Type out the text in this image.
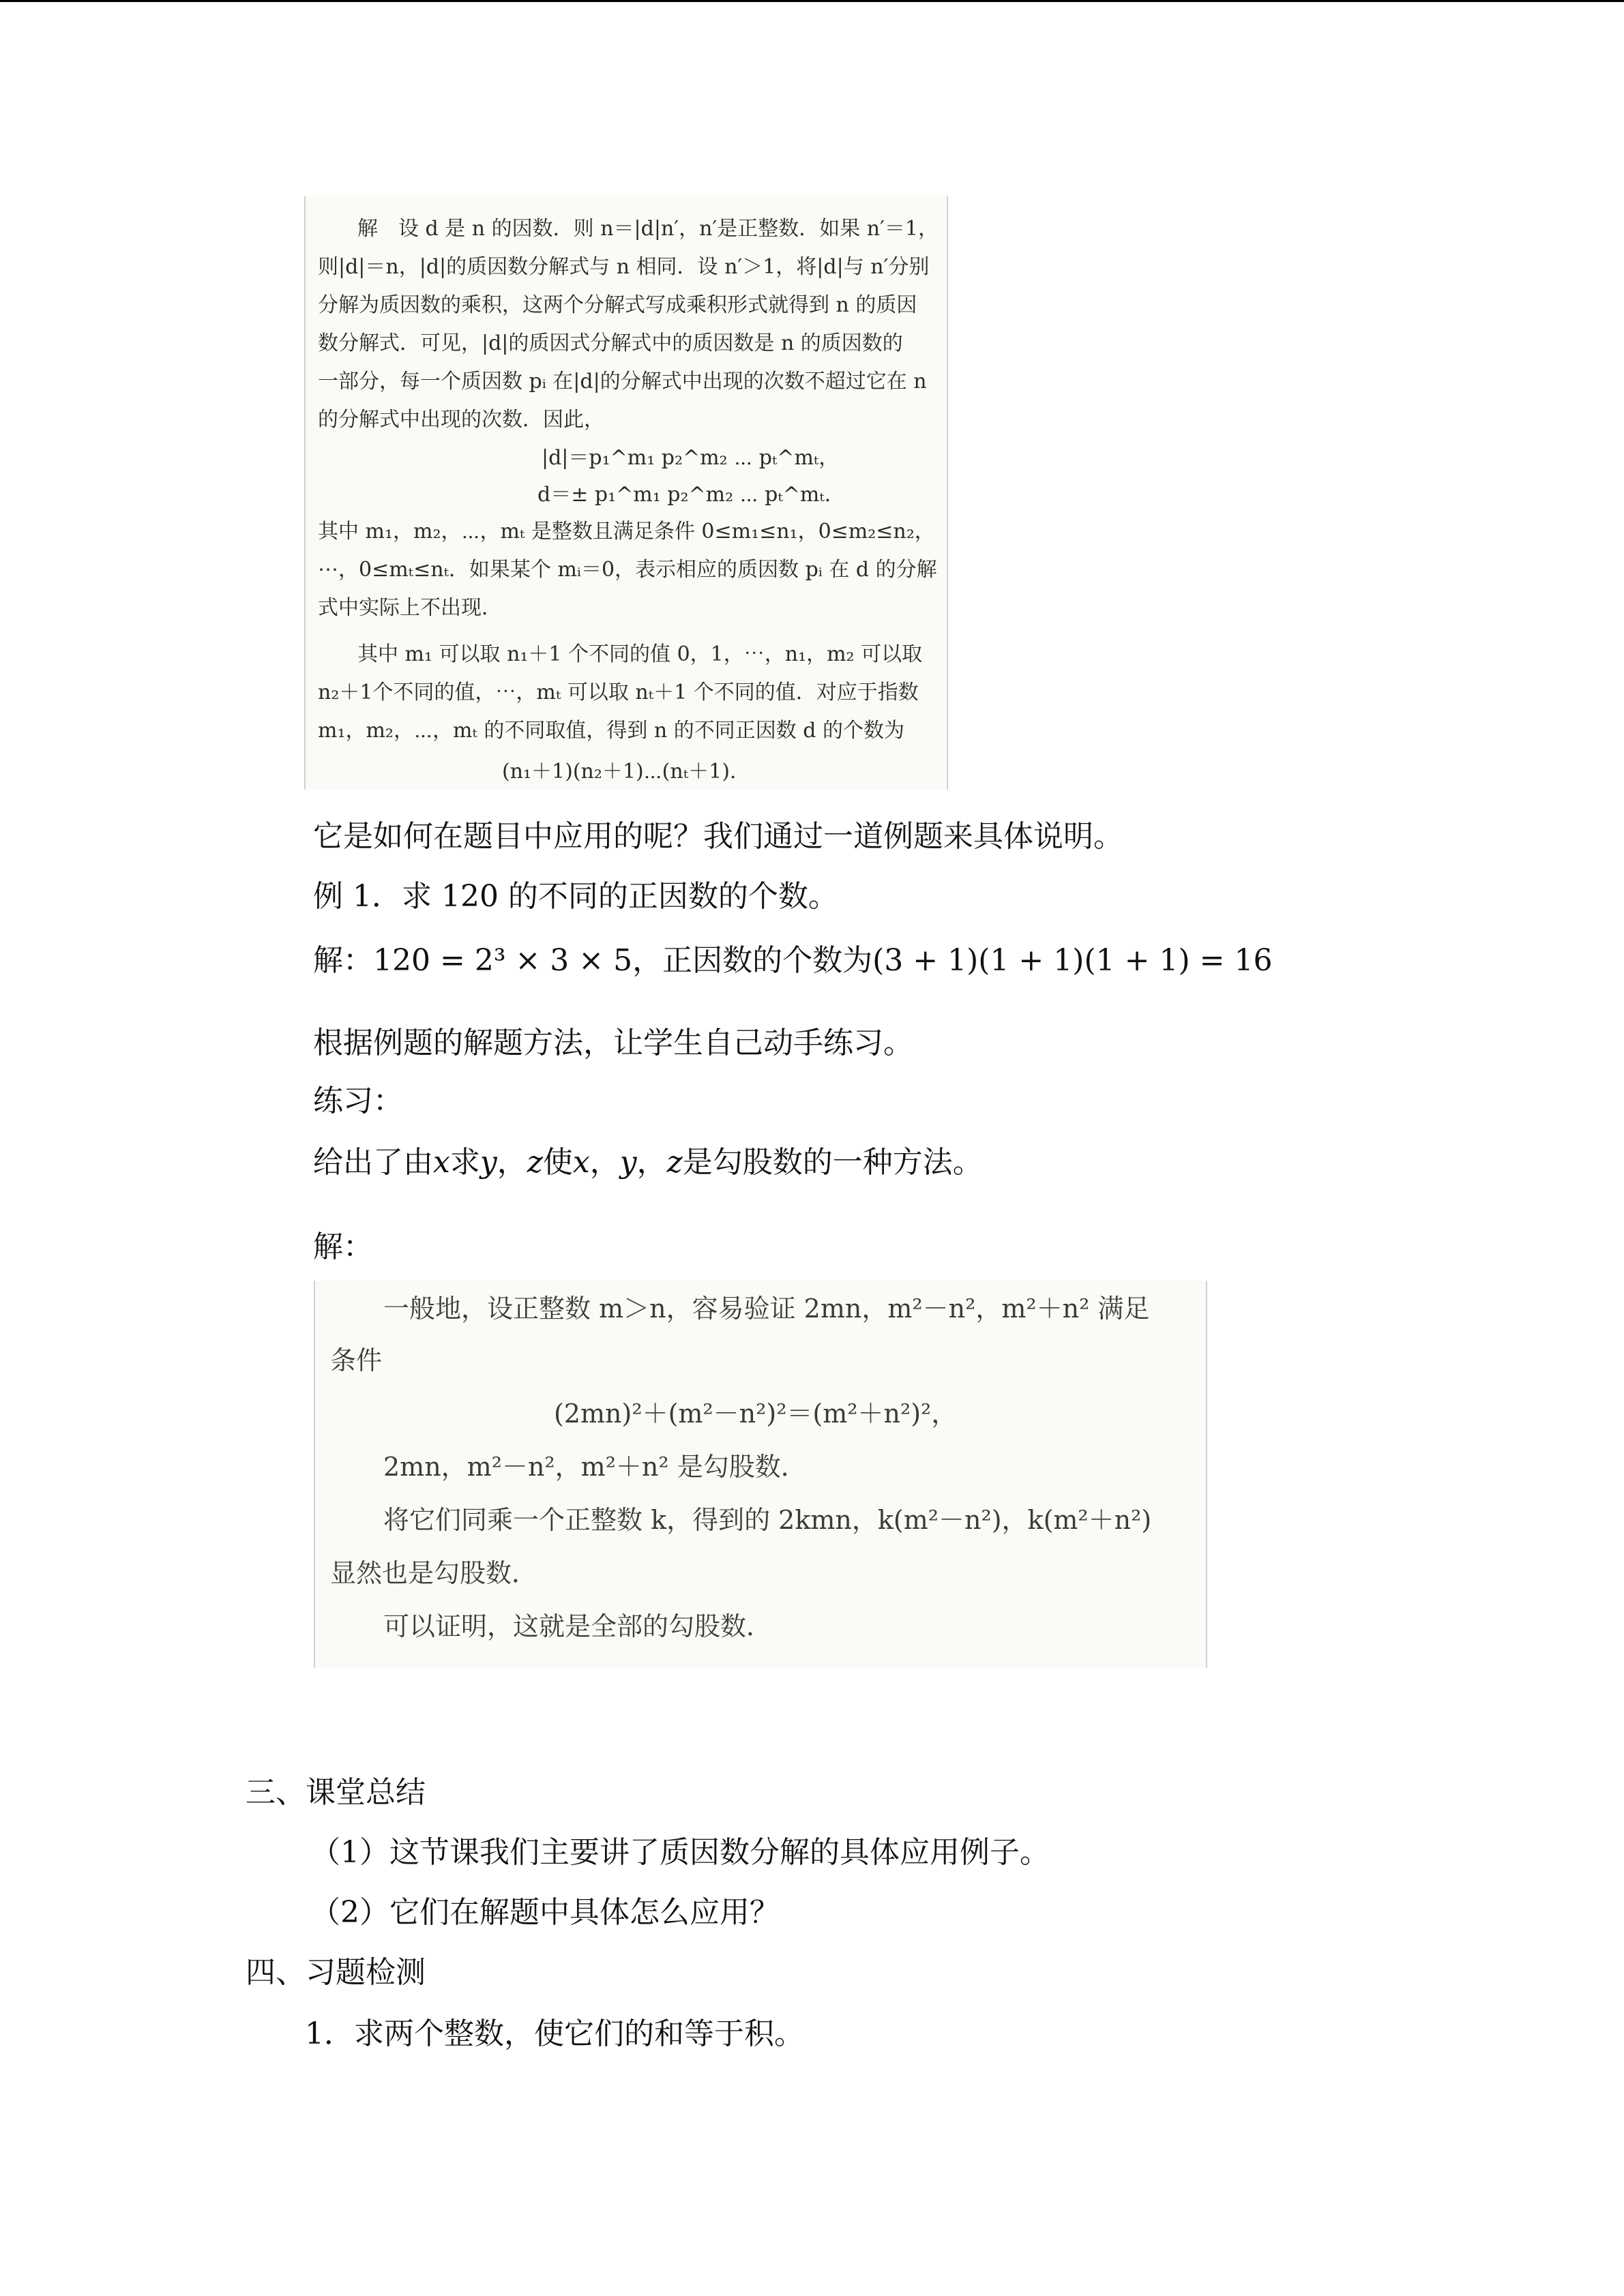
解　设 d 是 n 的因数．则 n＝|d|n′，n′是正整数．如果 n′＝1，
则|d|＝n，|d|的质因数分解式与 n 相同．设 n′＞1，将|d|与 n′分别
分解为质因数的乘积，这两个分解式写成乘积形式就得到 n 的质因
数分解式．可见，|d|的质因式分解式中的质因数是 n 的质因数的
一部分，每一个质因数 pᵢ 在|d|的分解式中出现的次数不超过它在 n
的分解式中出现的次数．因此，
|d|＝p₁^m₁ p₂^m₂ ⋯ pₜ^mₜ，
d＝± p₁^m₁ p₂^m₂ ⋯ pₜ^mₜ．
其中 m₁，m₂，⋯，mₜ 是整数且满足条件 0≤m₁≤n₁，0≤m₂≤n₂，
⋯，0≤mₜ≤nₜ．如果某个 mᵢ＝0，表示相应的质因数 pᵢ 在 d 的分解
式中实际上不出现．
其中 m₁ 可以取 n₁＋1 个不同的值 0，1，⋯，n₁，m₂ 可以取
n₂＋1个不同的值，⋯，mₜ 可以取 nₜ＋1 个不同的值．对应于指数
m₁，m₂，⋯，mₜ 的不同取值，得到 n 的不同正因数 d 的个数为
(n₁＋1)(n₂＋1)⋯(nₜ＋1).
它是如何在题目中应用的呢？我们通过一道例题来具体说明。
例 1．求 120 的不同的正因数的个数。
解：120 = 2³ × 3 × 5，正因数的个数为(3 + 1)(1 + 1)(1 + 1) = 16
根据例题的解题方法，让学生自己动手练习。
练习：
给出了由x求y，z使x，y，z是勾股数的一种方法。
解：
一般地，设正整数 m＞n，容易验证 2mn，m²－n²，m²＋n² 满足
条件
(2mn)²＋(m²－n²)²＝(m²＋n²)²，
2mn，m²－n²，m²＋n² 是勾股数．
将它们同乘一个正整数 k，得到的 2kmn，k(m²－n²)，k(m²＋n²)
显然也是勾股数．
可以证明，这就是全部的勾股数．
三、课堂总结
（1）这节课我们主要讲了质因数分解的具体应用例子。
（2）它们在解题中具体怎么应用？
四、习题检测
1．求两个整数，使它们的和等于积。
